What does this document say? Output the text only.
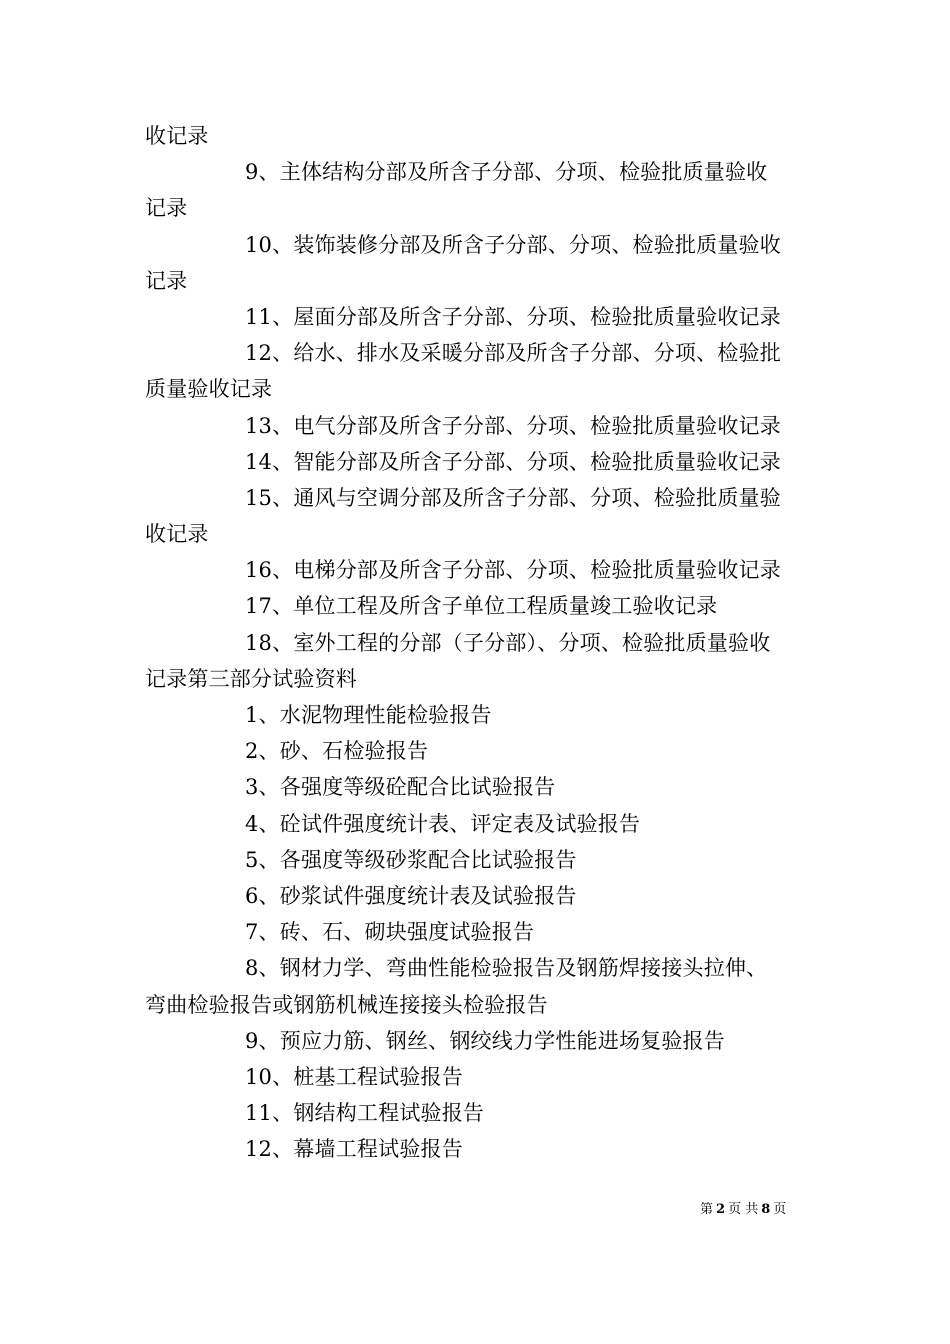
收记录
9、主体结构分部及所含子分部、分项、检验批质量验收
记录
10、装饰装修分部及所含子分部、分项、检验批质量验收
记录
11、屋面分部及所含子分部、分项、检验批质量验收记录
12、给水、排水及采暖分部及所含子分部、分项、检验批
质量验收记录
13、电气分部及所含子分部、分项、检验批质量验收记录
14、智能分部及所含子分部、分项、检验批质量验收记录
15、通风与空调分部及所含子分部、分项、检验批质量验
收记录
16、电梯分部及所含子分部、分项、检验批质量验收记录
17、单位工程及所含子单位工程质量竣工验收记录
18、室外工程的分部（子分部）、分项、检验批质量验收
记录第三部分试验资料
1、水泥物理性能检验报告
2、砂、石检验报告
3、各强度等级砼配合比试验报告
4、砼试件强度统计表、评定表及试验报告
5、各强度等级砂浆配合比试验报告
6、砂浆试件强度统计表及试验报告
7、砖、石、砌块强度试验报告
8、钢材力学、弯曲性能检验报告及钢筋焊接接头拉伸、
弯曲检验报告或钢筋机械连接接头检验报告
9、预应力筋、钢丝、钢绞线力学性能进场复验报告
10、桩基工程试验报告
11、钢结构工程试验报告
12、幕墙工程试验报告
第 2 页 共 8 页
